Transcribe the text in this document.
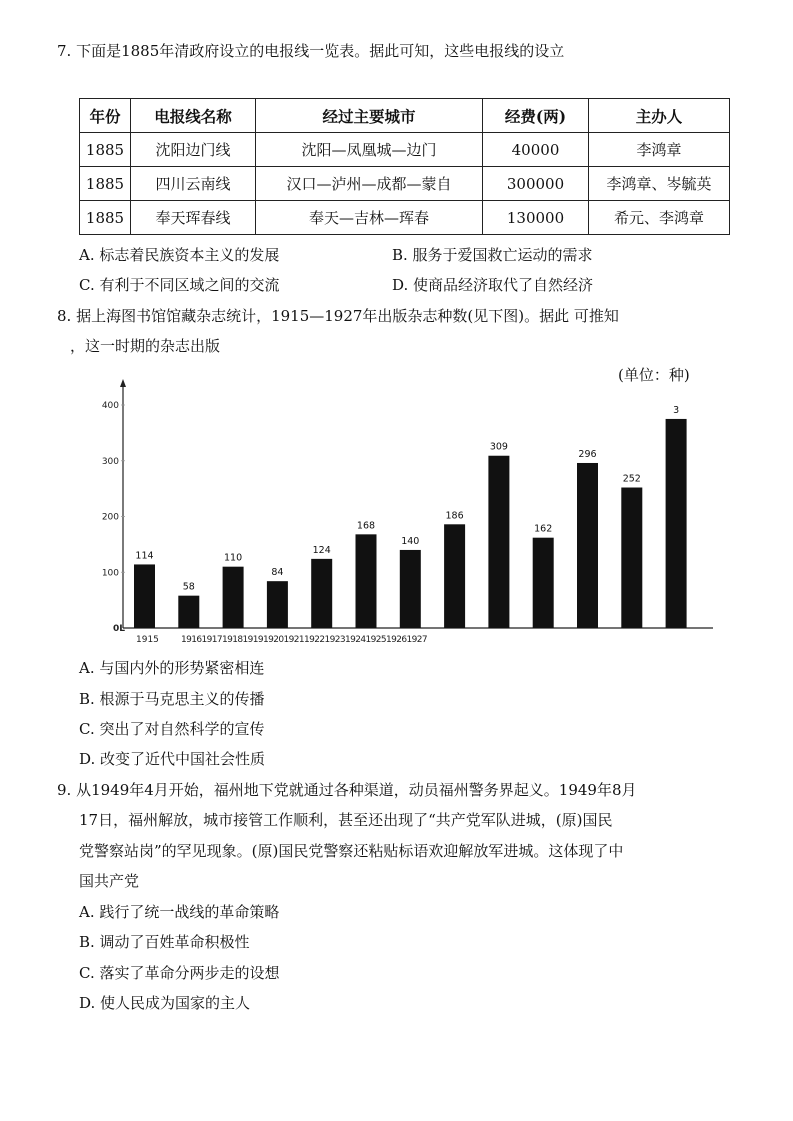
7. 下面是1885年清政府设立的电报线一览表。据此可知，这些电报线的设立
年份	电报线名称	经过主要城市	经费(两)	主办人
1885	沈阳边门线	沈阳—凤凰城—边门	40000	李鸿章
1885	四川云南线	汉口—泸州—成都—蒙自	300000	李鸿章、岑毓英
1885	奉天珲春线	奉天—吉林—珲春	130000	希元、李鸿章
A. 标志着民族资本主义的发展	B. 服务于爱国救亡运动的需求
C. 有利于不同区域之间的交流	D. 使商品经济取代了自然经济
8. 据上海图书馆馆藏杂志统计，1915—1927年出版杂志种数(见下图)。据此 可推知
，这一时期的杂志出版
(单位：种)
0L
100
200
300
400
1915 191619171918191919201921192219231924192519261927
114
58
110
84
124
168
140
186
309
162
296
252
3
A. 与国内外的形势紧密相连
B. 根源于马克思主义的传播
C. 突出了对自然科学的宣传
D. 改变了近代中国社会性质
9. 从1949年4月开始，福州地下党就通过各种渠道，动员福州警务界起义。1949年8月
17日，福州解放，城市接管工作顺利，甚至还出现了“共产党军队进城，(原)国民
党警察站岗”的罕见现象。(原)国民党警察还粘贴标语欢迎解放军进城。这体现了中
国共产党
A. 践行了统一战线的革命策略
B. 调动了百姓革命积极性
C. 落实了革命分两步走的设想
D. 使人民成为国家的主人
